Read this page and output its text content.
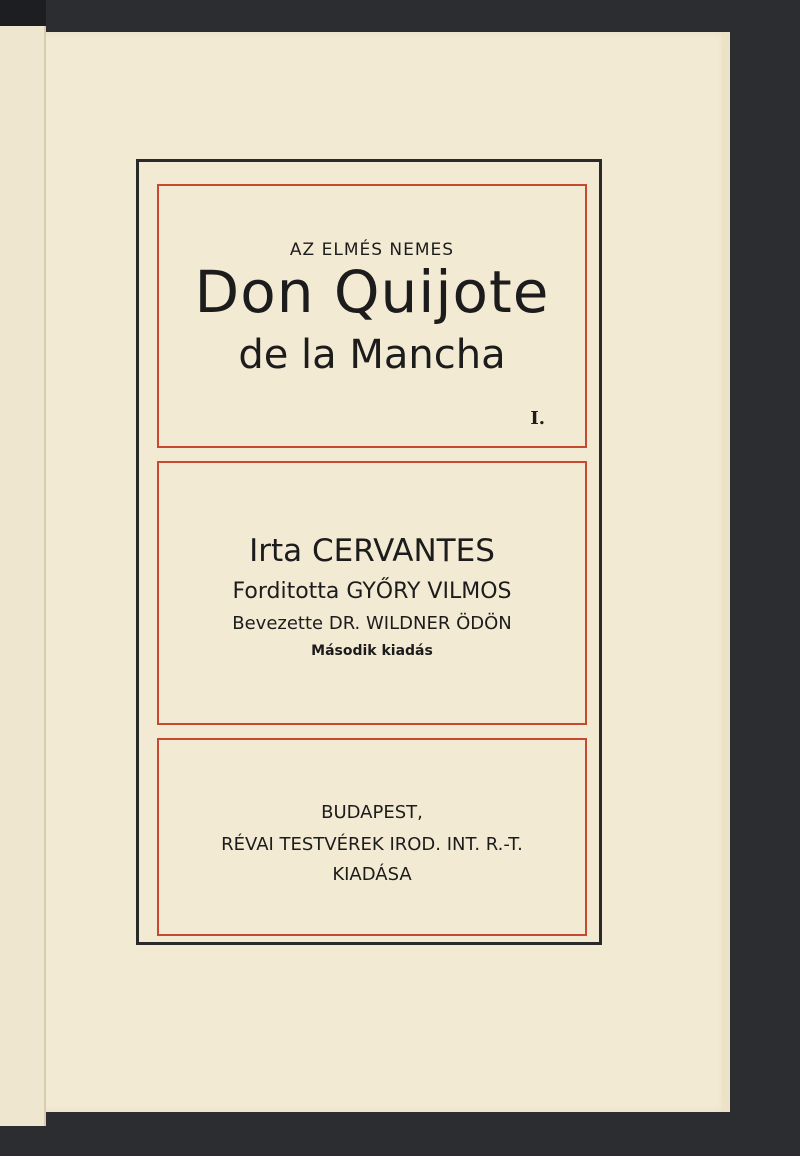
AZ ELMÉS NEMES
Don Quijote
de la Mancha
I.
Irta CERVANTES
Forditotta GYŐRY VILMOS
Bevezette DR. WILDNER ÖDÖN
Második kiadás
BUDAPEST,
RÉVAI TESTVÉREK IROD. INT. R.-T.
KIADÁSA
